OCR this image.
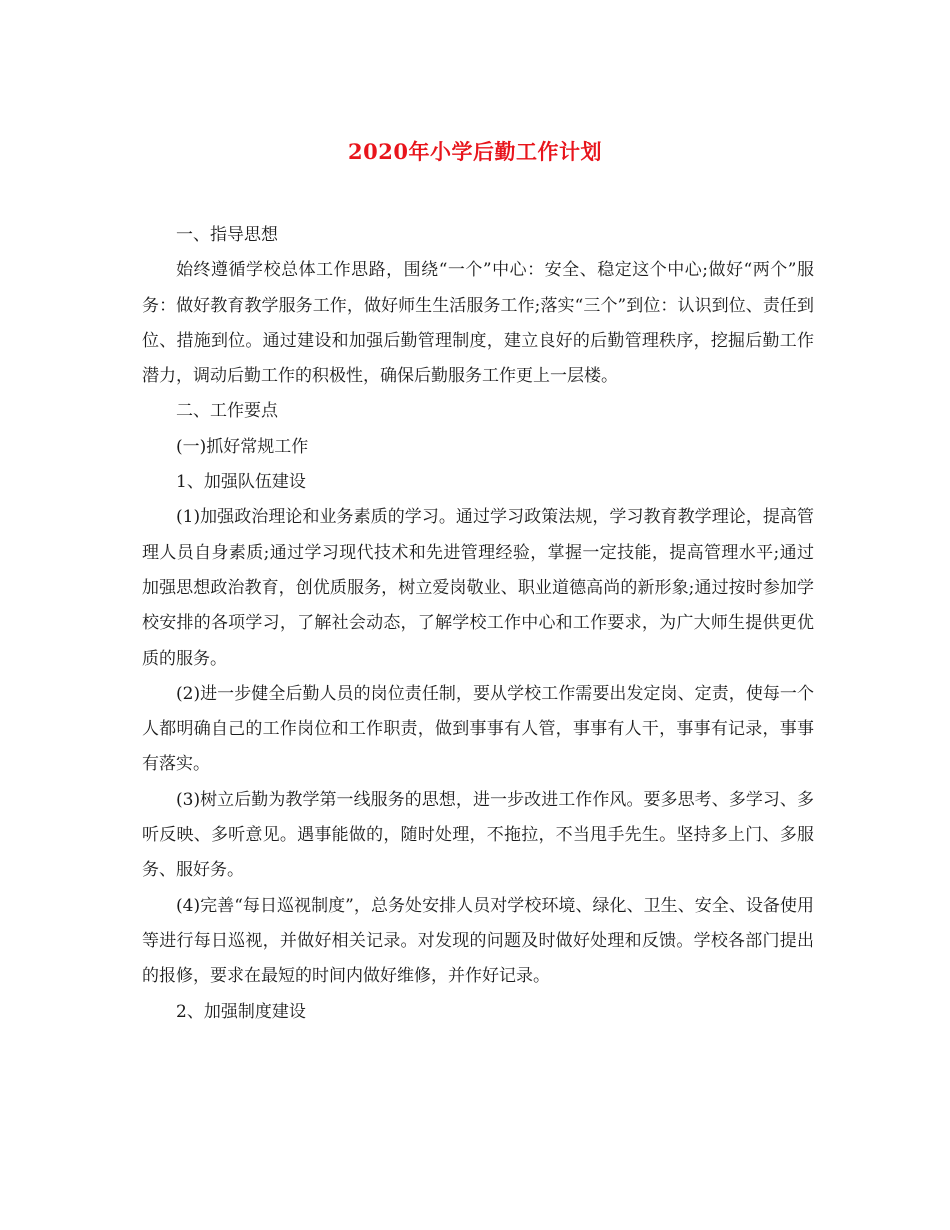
2020年小学后勤工作计划

一、指导思想

始终遵循学校总体工作思路，围绕“一个”中心：安全、稳定这个中心;做好“两个”服务：做好教育教学服务工作，做好师生生活服务工作;落实“三个”到位：认识到位、责任到位、措施到位。通过建设和加强后勤管理制度，建立良好的后勤管理秩序，挖掘后勤工作潜力，调动后勤工作的积极性，确保后勤服务工作更上一层楼。

二、工作要点

(一)抓好常规工作

1、加强队伍建设

(1)加强政治理论和业务素质的学习。通过学习政策法规，学习教育教学理论，提高管理人员自身素质;通过学习现代技术和先进管理经验，掌握一定技能，提高管理水平;通过加强思想政治教育，创优质服务，树立爱岗敬业、职业道德高尚的新形象;通过按时参加学校安排的各项学习，了解社会动态，了解学校工作中心和工作要求，为广大师生提供更优质的服务。

(2)进一步健全后勤人员的岗位责任制，要从学校工作需要出发定岗、定责，使每一个人都明确自己的工作岗位和工作职责，做到事事有人管，事事有人干，事事有记录，事事有落实。

(3)树立后勤为教学第一线服务的思想，进一步改进工作作风。要多思考、多学习、多听反映、多听意见。遇事能做的，随时处理，不拖拉，不当甩手先生。坚持多上门、多服务、服好务。

(4)完善“每日巡视制度”，总务处安排人员对学校环境、绿化、卫生、安全、设备使用等进行每日巡视，并做好相关记录。对发现的问题及时做好处理和反馈。学校各部门提出的报修，要求在最短的时间内做好维修，并作好记录。

2、加强制度建设
